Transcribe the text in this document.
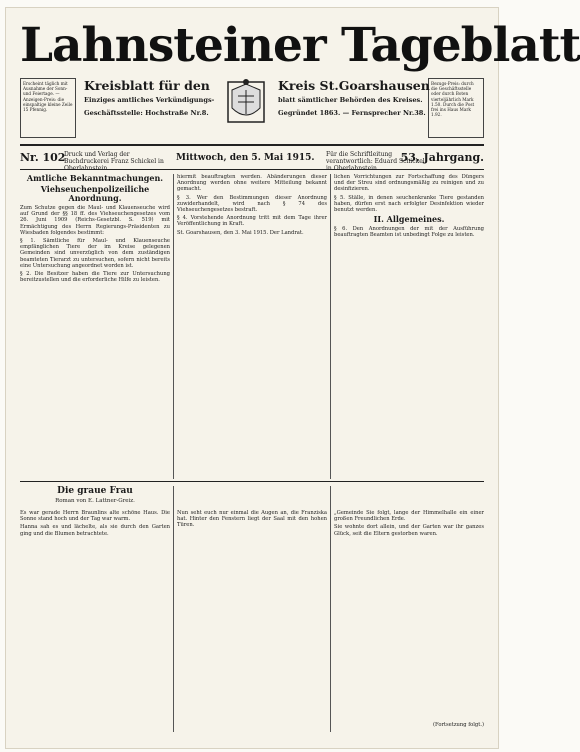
Lahnsteiner Tageblatt
Erscheint täglich mit Ausnahme der Sonn- und Feiertage. — Anzeigen-Preis: die einspaltige kleine Zeile 15 Pfennig.
Bezugs-Preis: durch die Geschäftsstelle oder durch Boten vierteljährlich Mark 1.50. Durch die Post frei ins Haus Mark 1.92.
Kreisblatt für den	Kreis St.Goarshausen
Einziges amtliches Verkündigungs-	blatt sämtlicher Behörden des Kreises.
Geschäftsstelle: Hochstraße Nr.8.	Gegründet 1863. — Fernsprecher Nr.38.
Nr. 102
Druck und Verlag der Buchdruckerei Franz Schickel in	Mittwoch, den 5. Mai 1915. Für die Schriftleitung verantwortlich: Eduard Schickel
53. Jahrgang.
Amtliche Bekanntmachungen.
Viehseuchenpolizeiliche Anordnung.

Zum Schutze gegen die Maul- und Klauenseuche wird auf Grund der §§ 18 ff. des Viehseuchengesetzes vom 26. Juni 1909 (Reichs-Gesetzbl. S. 519) mit Ermächtigung des Herrn Regierungs-Präsidenten zu Wiesbaden folgendes bestimmt:

§ 1. Sämtliche für Maul- und Klauenseuche empfänglichen Tiere der im Kreise gelegenen Gemeinden sind unverzüglich von dem zuständigen beamteten Tierarzt zu untersuchen, sofern nicht bereits eine Untersuchung angeordnet worden ist.

§ 2. Die Besitzer haben die Tiere zur Untersuchung bereitzustellen und die erforderliche Hilfe zu leisten.

hiermit beauftragten werden. Abänderungen dieser Anordnung werden ohne weitere Mitteilung bekannt gemacht.

§ 3. Wer den Bestimmungen dieser Anordnung zuwiderhandelt, wird nach § 74 des Viehseuchengesetzes bestraft.

§ 4. Vorstehende Anordnung tritt mit dem Tage ihrer Veröffentlichung in Kraft.

St. Goarshausen, den 3. Mai 1915. Der Landrat.

lichen Vorrichtungen zur Fortschaffung des Düngers und der Streu sind ordnungsmäßig zu reinigen und zu desinfizieren.

§ 5. Ställe, in denen seuchenkranke Tiere gestanden haben, dürfen erst nach erfolgter Desinfektion wieder benutzt werden.

II. Allgemeines.

§ 6. Den Anordnungen der mit der Ausführung beauftragten Beamten ist unbedingt Folge zu leisten.

Die graue Frau
Roman von E. Lattner-Greiz.

Es war gerade Herrn Braunlins alte schöne Haus. Die Sonne stand hoch und der Tag war warm.

Hanna sah es und lächelte, als sie durch den Garten ging und die Blumen betrachtete.

Nun seht euch nur einmal die Augen an, die Franziska hat. Hinter den Fenstern liegt der Saal mit den hohen Türen.

„Gemeinde Sie folgt, lange der Himmelhalle ein einer großen Freundlichen Erde.

Sie wohnte dort allein, und der Garten war ihr ganzes Glück, seit die Eltern gestorben waren.

(Fortsetzung folgt.)
